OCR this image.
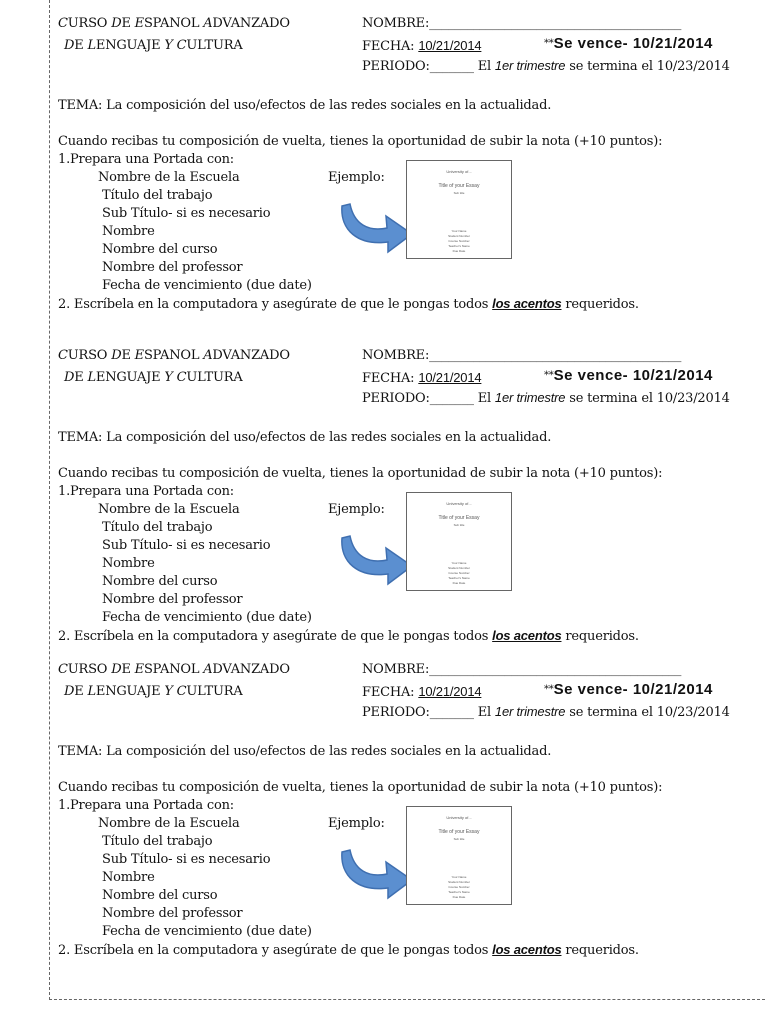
CURSO DE ESPANOL ADVANZADO
DE LENGUAJE Y CULTURA
NOMBRE:________________________________________
FECHA: 10/21/2014	**Se vence- 10/21/2014
PERIODO:_______ El 1er trimestre se termina el 10/23/2014
TEMA: La composición del uso/efectos de las redes sociales en la actualidad.
Cuando recibas tu composición de vuelta, tienes la oportunidad de subir la nota (+10 puntos):
1.Prepara una Portada con:
Nombre de la Escuela
Título del trabajo
Sub Título- si es necesario
Nombre
Nombre del curso
Nombre del professor
Fecha de vencimiento (due date)
Ejemplo:	University of...
Title of your Essay
Sub title
Your Name
Student Number
Course Number
Teacher's Name
Due Date
2. Escríbela en la computadora y asegúrate de que le pongas todos los acentos requeridos.
CURSO DE ESPANOL ADVANZADO
DE LENGUAJE Y CULTURA
NOMBRE:________________________________________
FECHA: 10/21/2014	**Se vence- 10/21/2014
PERIODO:_______ El 1er trimestre se termina el 10/23/2014
TEMA: La composición del uso/efectos de las redes sociales en la actualidad.
Cuando recibas tu composición de vuelta, tienes la oportunidad de subir la nota (+10 puntos):
1.Prepara una Portada con:
Nombre de la Escuela
Título del trabajo
Sub Título- si es necesario
Nombre
Nombre del curso
Nombre del professor
Fecha de vencimiento (due date)
Ejemplo:	University of...
Title of your Essay
Sub title
Your Name
Student Number
Course Number
Teacher's Name
Due Date
2. Escríbela en la computadora y asegúrate de que le pongas todos los acentos requeridos.
CURSO DE ESPANOL ADVANZADO
DE LENGUAJE Y CULTURA
NOMBRE:________________________________________
FECHA: 10/21/2014	**Se vence- 10/21/2014
PERIODO:_______ El 1er trimestre se termina el 10/23/2014
TEMA: La composición del uso/efectos de las redes sociales en la actualidad.
Cuando recibas tu composición de vuelta, tienes la oportunidad de subir la nota (+10 puntos):
1.Prepara una Portada con:
Nombre de la Escuela
Título del trabajo
Sub Título- si es necesario
Nombre
Nombre del curso
Nombre del professor
Fecha de vencimiento (due date)
Ejemplo:	University of...
Title of your Essay
Sub title
Your Name
Student Number
Course Number
Teacher's Name
Due Date
2. Escríbela en la computadora y asegúrate de que le pongas todos los acentos requeridos.
